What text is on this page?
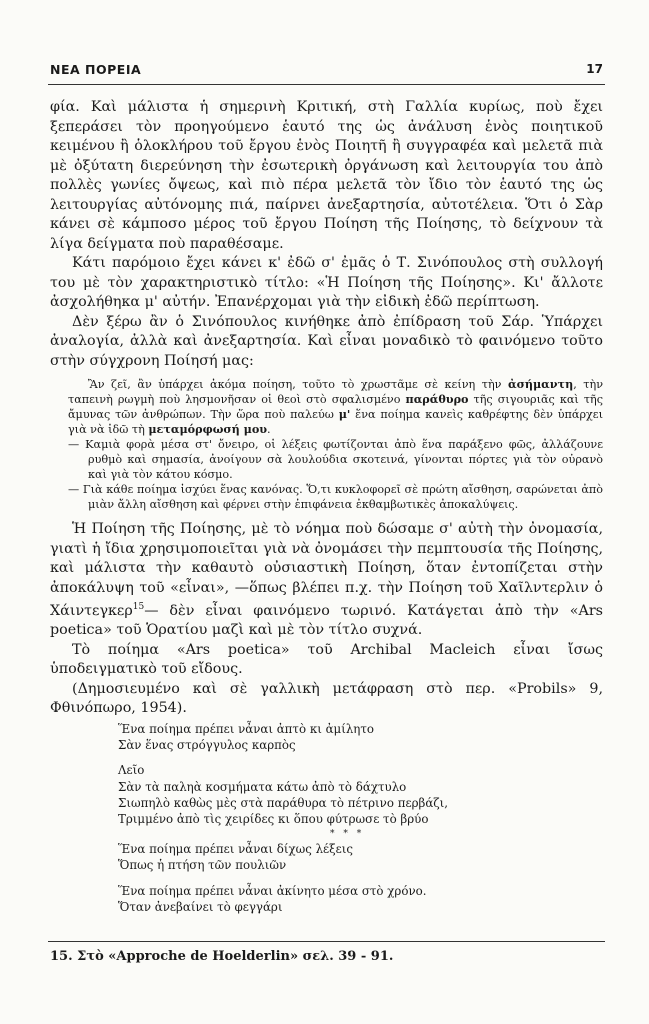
ΝΕΑ ΠΟΡΕΙΑ	17

φία. Καὶ μάλιστα ἡ σημερινὴ Κριτική, στὴ Γαλλία κυρίως, ποὺ ἔχει ξεπεράσει τὸν προηγούμενο ἑαυτό της ὡς ἀνάλυση ἑνὸς ποιητικοῦ κειμένου ἢ ὁλοκλήρου τοῦ ἔργου ἑνὸς Ποιητῆ ἢ συγγραφέα καὶ μελετᾶ πιὰ μὲ ὀξύτατη διερεύνηση τὴν ἐσωτερικὴ ὀργάνωση καὶ λειτουργία του ἀπὸ πολλὲς γωνίες ὄψεως, καὶ πιὸ πέρα μελετᾶ τὸν ἴδιο τὸν ἑαυτό της ὡς λειτουργίας αὐτόνομης πιά, παίρνει ἀνεξαρτησία, αὐτοτέλεια. Ὅτι ὁ Σὰρ κάνει σὲ κάμποσο μέρος τοῦ ἔργου Ποίηση τῆς Ποίησης, τὸ δείχνουν τὰ λίγα δείγματα ποὺ παραθέσαμε.

Κάτι παρόμοιο ἔχει κάνει κ' ἐδῶ σ' ἐμᾶς ὁ Τ. Σινόπουλος στὴ συλλογή του μὲ τὸν χαρακτηριστικὸ τίτλο: «Ἡ Ποίηση τῆς Ποίησης». Κι' ἄλλοτε ἀσχολήθηκα μ' αὐτήν. Ἐπανέρχομαι γιὰ τὴν εἰδικὴ ἐδῶ περίπτωση.

Δὲν ξέρω ἂν ὁ Σινόπουλος κινήθηκε ἀπὸ ἐπίδραση τοῦ Σάρ. Ὑπάρχει ἀναλογία, ἀλλὰ καὶ ἀνεξαρτησία. Καὶ εἶναι μοναδικὸ τὸ φαινόμενο τοῦτο στὴν σύγχρονη Ποίησή μας:

Ἂν ζεῖ, ἂν ὑπάρχει ἀκόμα ποίηση, τοῦτο τὸ χρωστᾶμε σὲ κείνη τὴν ἀσήμαντη, τὴν ταπεινὴ ρωγμὴ ποὺ λησμονῆσαν οἱ θεοὶ στὸ σφαλισμένο παράθυρο τῆς σιγουριᾶς καὶ τῆς ἄμυνας τῶν ἀνθρώπων. Τὴν ὥρα ποὺ παλεύω μ' ἕνα ποίημα κανεὶς καθρέφτης δὲν ὑπάρχει γιὰ νὰ ἰδῶ τὴ μεταμόρφωσή μου.

— Καμιὰ φορὰ μέσα στ' ὄνειρο, οἱ λέξεις φωτίζονται ἀπὸ ἕνα παράξενο φῶς, ἀλλάζουνε ρυθμὸ καὶ σημασία, ἀνοίγουν σὰ λουλούδια σκοτεινά, γίνονται πόρτες γιὰ τὸν οὐρανὸ καὶ γιὰ τὸν κάτου κόσμο.

— Γιὰ κάθε ποίημα ἰσχύει ἕνας κανόνας. Ὅ,τι κυκλοφορεῖ σὲ πρώτη αἴσθηση, σαρώνεται ἀπὸ μιὰν ἄλλη αἴσθηση καὶ φέρνει στὴν ἐπιφάνεια ἐκθαμβωτικὲς ἀποκαλύψεις.

Ἡ Ποίηση τῆς Ποίησης, μὲ τὸ νόημα ποὺ δώσαμε σ' αὐτὴ τὴν ὀνομασία, γιατὶ ἡ ἴδια χρησιμοποιεῖται γιὰ νὰ ὀνομάσει τὴν πεμπτουσία τῆς Ποίησης, καὶ μάλιστα τὴν καθαυτὸ οὐσιαστικὴ Ποίηση, ὅταν ἐντοπίζεται στὴν ἀποκάλυψη τοῦ «εἶναι», —ὅπως βλέπει π.χ. τὴν Ποίηση τοῦ Χαῖλντερλιν ὁ Χάιντεγκερ$^{15}$— δὲν εἶναι φαινόμενο τωρινό. Κατάγεται ἀπὸ τὴν «Ars poetica» τοῦ Ὁρατίου μαζὶ καὶ μὲ τὸν τίτλο συχνά.

Τὸ ποίημα «Ars poetica» τοῦ Archibal Macleich εἶναι ἴσως ὑποδειγματικὸ τοῦ εἴδους.

(Δημοσιευμένο καὶ σὲ γαλλικὴ μετάφραση στὸ περ. «Probils» 9, Φθινόπωρο, 1954).

Ἕνα ποίημα πρέπει νἆναι ἀπτὸ κι ἀμίλητο
Σὰν ἕνας στρόγγυλος καρπὸς
Λεῖο
Σὰν τὰ παληὰ κοσμήματα κάτω ἀπὸ τὸ δάχτυλο
Σιωπηλὸ καθὼς μὲς στὰ παράθυρα τὸ πέτρινο περβάζι,
Τριμμένο ἀπὸ τὶς χειρίδες κι ὅπου φύτρωσε τὸ βρύο
* * *
Ἕνα ποίημα πρέπει νἆναι δίχως λέξεις
Ὅπως ἡ πτήση τῶν πουλιῶν
Ἕνα ποίημα πρέπει νἆναι ἀκίνητο μέσα στὸ χρόνο.
Ὅταν ἀνεβαίνει τὸ φεγγάρι
15. Στὸ «Approche de Hoelderlin» σελ. 39 - 91.
